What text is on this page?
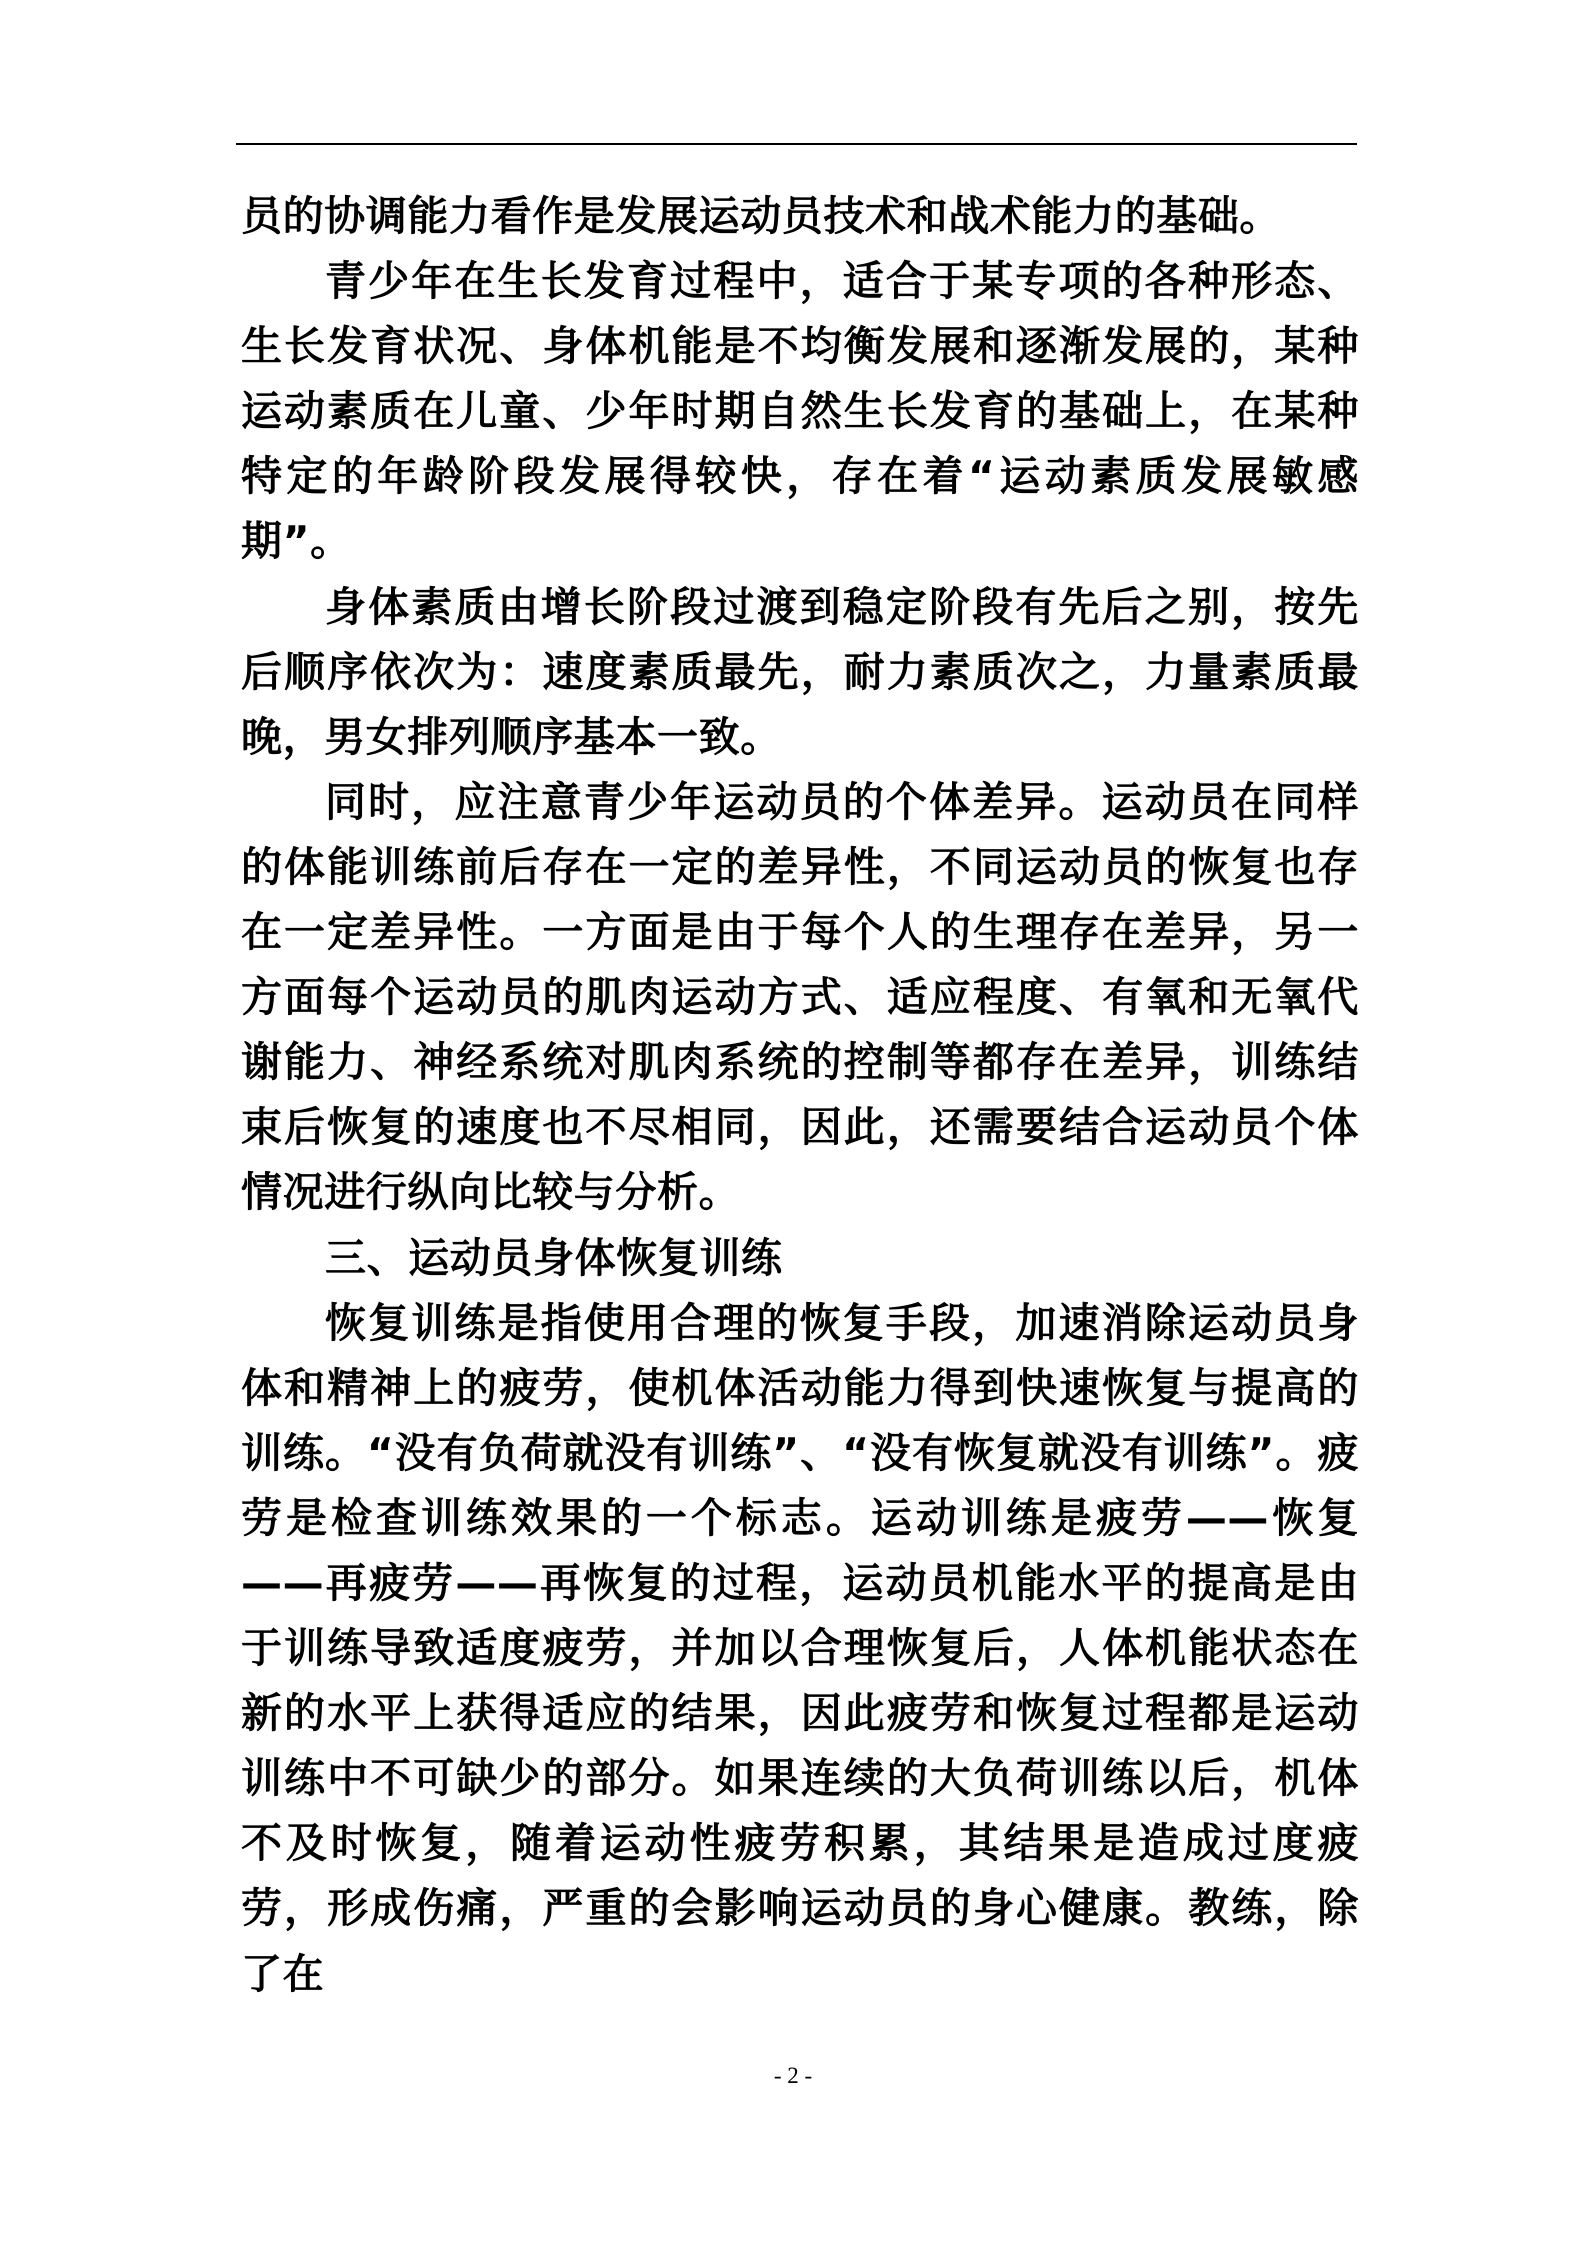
员的协调能力看作是发展运动员技术和战术能力的基础。

青少年在生长发育过程中，适合于某专项的各种形态、生长发育状况、身体机能是不均衡发展和逐渐发展的，某种运动素质在儿童、少年时期自然生长发育的基础上，在某种特定的年龄阶段发展得较快，存在着“运动素质发展敏感期”。

身体素质由增长阶段过渡到稳定阶段有先后之别，按先后顺序依次为：速度素质最先，耐力素质次之，力量素质最晚，男女排列顺序基本一致。

同时，应注意青少年运动员的个体差异。运动员在同样的体能训练前后存在一定的差异性，不同运动员的恢复也存在一定差异性。一方面是由于每个人的生理存在差异，另一方面每个运动员的肌肉运动方式、适应程度、有氧和无氧代谢能力、神经系统对肌肉系统的控制等都存在差异，训练结束后恢复的速度也不尽相同，因此，还需要结合运动员个体情况进行纵向比较与分析。

三、运动员身体恢复训练

恢复训练是指使用合理的恢复手段，加速消除运动员身体和精神上的疲劳，使机体活动能力得到快速恢复与提高的训练。“没有负荷就没有训练”、“没有恢复就没有训练”。疲劳是检查训练效果的一个标志。运动训练是疲劳——恢复——再疲劳——再恢复的过程，运动员机能水平的提高是由于训练导致适度疲劳，并加以合理恢复后，人体机能状态在新的水平上获得适应的结果，因此疲劳和恢复过程都是运动训练中不可缺少的部分。如果连续的大负荷训练以后，机体不及时恢复，随着运动性疲劳积累，其结果是造成过度疲劳，形成伤痛，严重的会影响运动员的身心健康。教练，除了在

- 2 -
